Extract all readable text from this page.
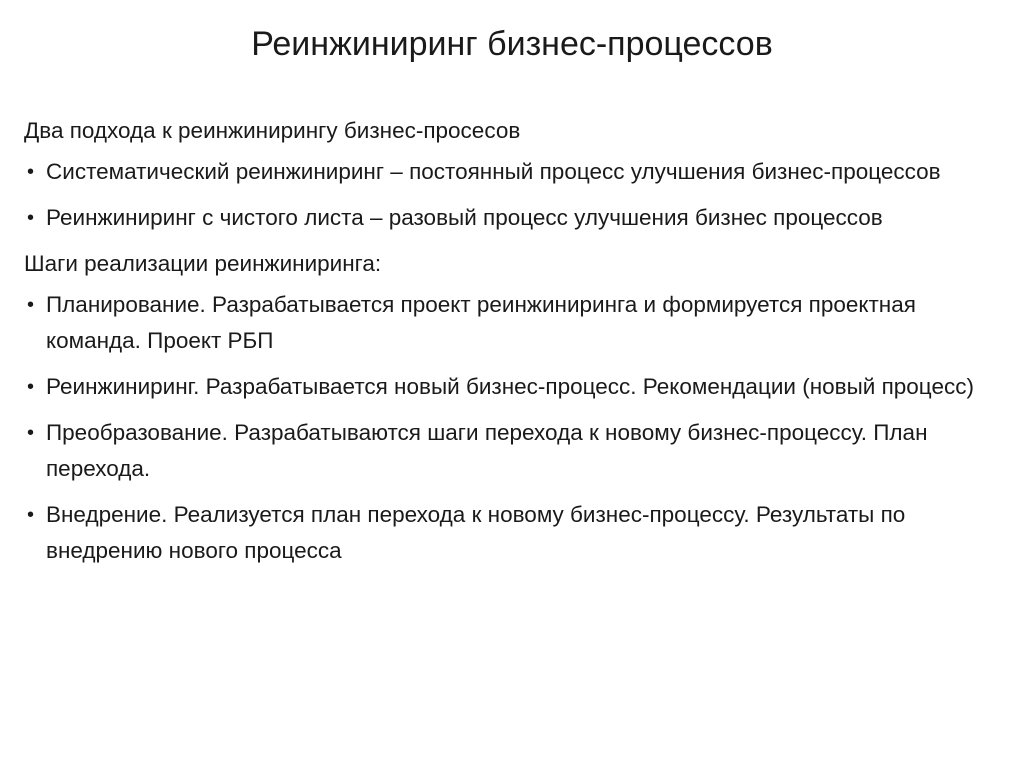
Реинжиниринг бизнес-процессов

Два подхода к реинжинирингу бизнес-просесов

• Систематический реинжиниринг – постоянный процесс улучшения бизнес-процессов
• Реинжиниринг с чистого листа – разовый процесс улучшения бизнес процессов

Шаги реализации реинжиниринга:

• Планирование. Разрабатывается проект реинжиниринга и формируется проектная команда. Проект РБП
• Реинжиниринг. Разрабатывается новый бизнес-процесс. Рекомендации (новый процесс)
• Преобразование. Разрабатываются шаги перехода к новому бизнес-процессу. План перехода.
• Внедрение. Реализуется план перехода к новому бизнес-процессу. Результаты по внедрению нового процесса
